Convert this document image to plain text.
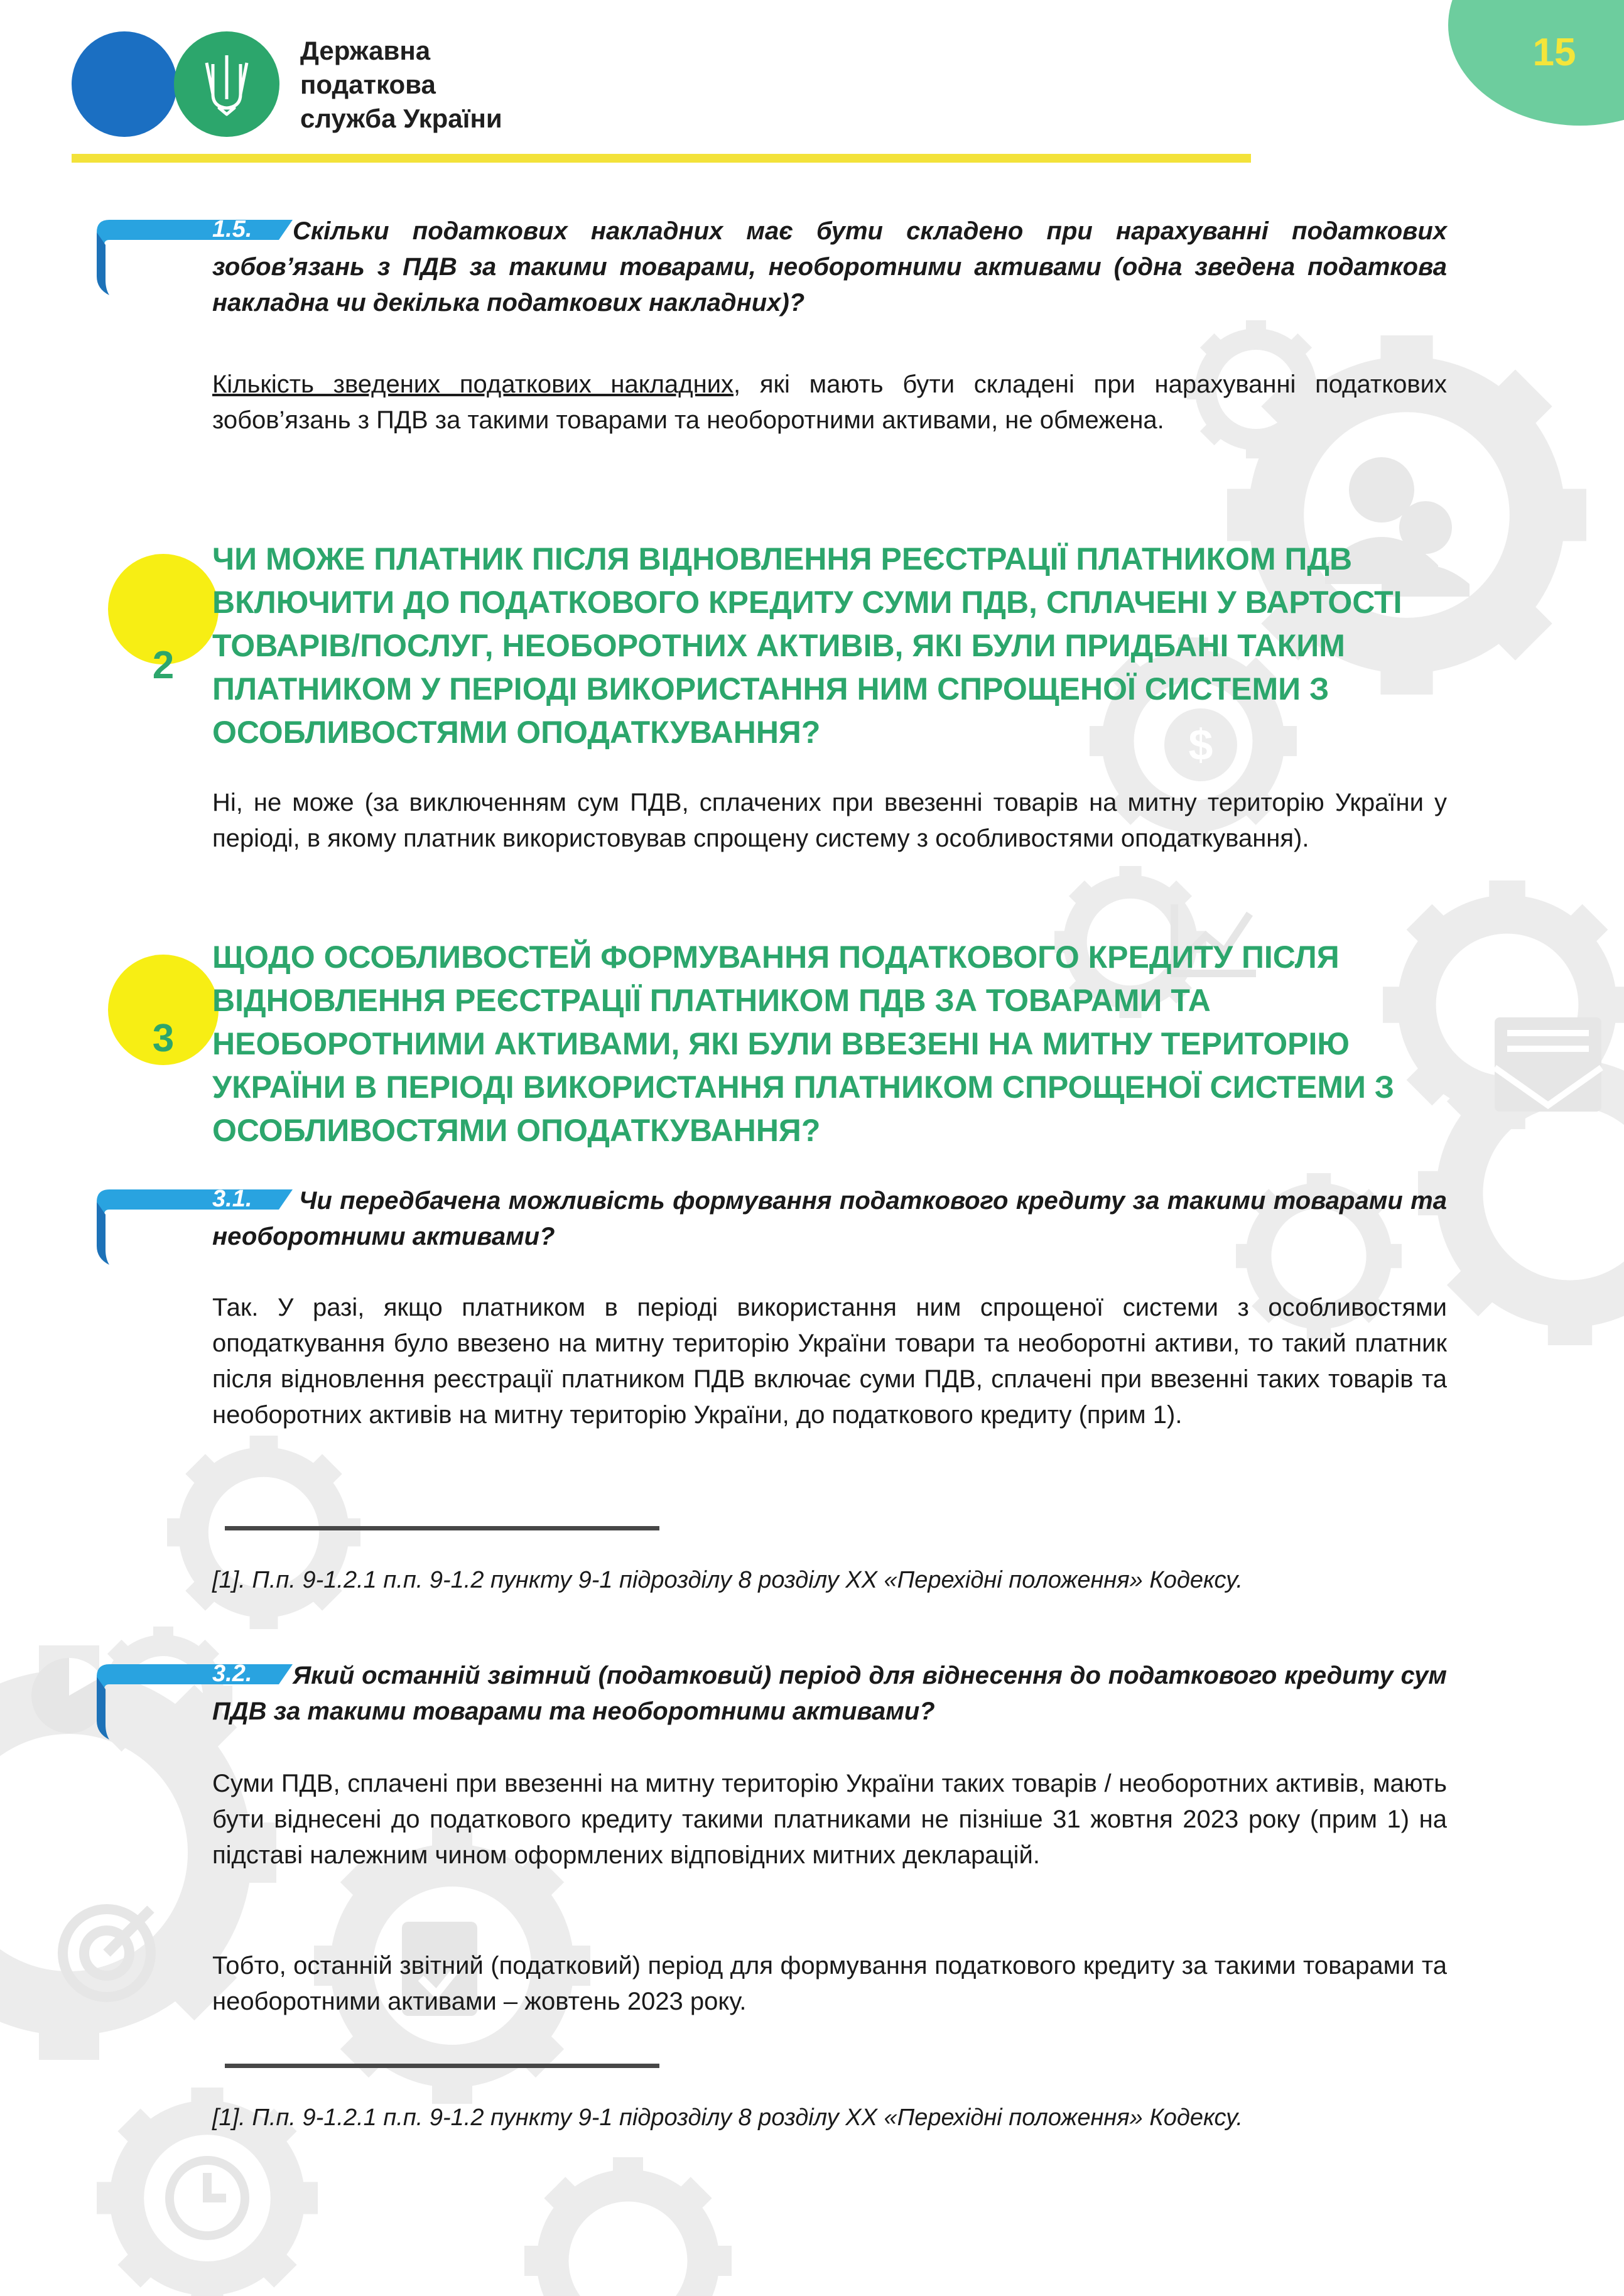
$
Державна
податкова
служба України
15
1.5.	Скільки податкових накладних має бути складено при нарахуванні податкових зобов’язань з ПДВ за такими товарами, необоротними активами (одна зведена податкова накладна чи декілька податкових накладних)?
Кількість зведених податкових накладних, які мають бути складені при нарахуванні податкових зобов’язань з ПДВ за такими товарами та необоротними активами, не обмежена.
2
ЧИ МОЖЕ ПЛАТНИК ПІСЛЯ ВІДНОВЛЕННЯ РЕЄСТРАЦІЇ ПЛАТНИКОМ ПДВ ВКЛЮЧИТИ ДО ПОДАТКОВОГО КРЕДИТУ СУМИ ПДВ, СПЛАЧЕНІ У ВАРТОСТІ ТОВАРІВ/ПОСЛУГ, НЕОБОРОТНИХ АКТИВІВ, ЯКІ БУЛИ ПРИДБАНІ ТАКИМ ПЛАТНИКОМ У ПЕРІОДІ ВИКОРИСТАННЯ НИМ СПРОЩЕНОЇ СИСТЕМИ З ОСОБЛИВОСТЯМИ ОПОДАТКУВАННЯ?
Ні, не може (за виключенням сум ПДВ, сплачених при ввезенні товарів на митну територію України у періоді, в якому платник використовував спрощену систему з особливостями оподаткування).
3
ЩОДО ОСОБЛИВОСТЕЙ ФОРМУВАННЯ ПОДАТКОВОГО КРЕДИТУ ПІСЛЯ ВІДНОВЛЕННЯ РЕЄСТРАЦІЇ ПЛАТНИКОМ ПДВ ЗА ТОВАРАМИ ТА НЕОБОРОТНИМИ АКТИВАМИ, ЯКІ БУЛИ ВВЕЗЕНІ НА МИТНУ ТЕРИТОРІЮ УКРАЇНИ В ПЕРІОДІ ВИКОРИСТАННЯ ПЛАТНИКОМ СПРОЩЕНОЇ СИСТЕМИ З ОСОБЛИВОСТЯМИ ОПОДАТКУВАННЯ?
3.1.	Чи передбачена можливість формування податкового кредиту за такими товарами та необоротними активами?
Так. У разі, якщо платником в періоді використання ним спрощеної системи з особливостями оподаткування було ввезено на митну територію України товари та необоротні активи, то такий платник після відновлення реєстрації платником ПДВ включає суми ПДВ, сплачені при ввезенні таких товарів та необоротних активів на митну територію України, до податкового кредиту (прим 1).
[1]. П.п. 9-1.2.1 п.п. 9-1.2 пункту 9-1 підрозділу 8 розділу XX «Перехідні положення» Кодексу.
3.2.	Який останній звітний (податковий) період для віднесення до податкового кредиту сум ПДВ за такими товарами та необоротними активами?
Суми ПДВ, сплачені при ввезенні на митну територію України таких товарів / необоротних активів, мають бути віднесені до податкового кредиту такими платниками не пізніше 31 жовтня 2023 року (прим 1) на підставі належним чином оформлених відповідних митних декларацій.
Тобто, останній звітний (податковий) період для формування податкового кредиту за такими товарами та необоротними активами – жовтень 2023 року.
[1]. П.п. 9-1.2.1 п.п. 9-1.2 пункту 9-1 підрозділу 8 розділу XX «Перехідні положення» Кодексу.
